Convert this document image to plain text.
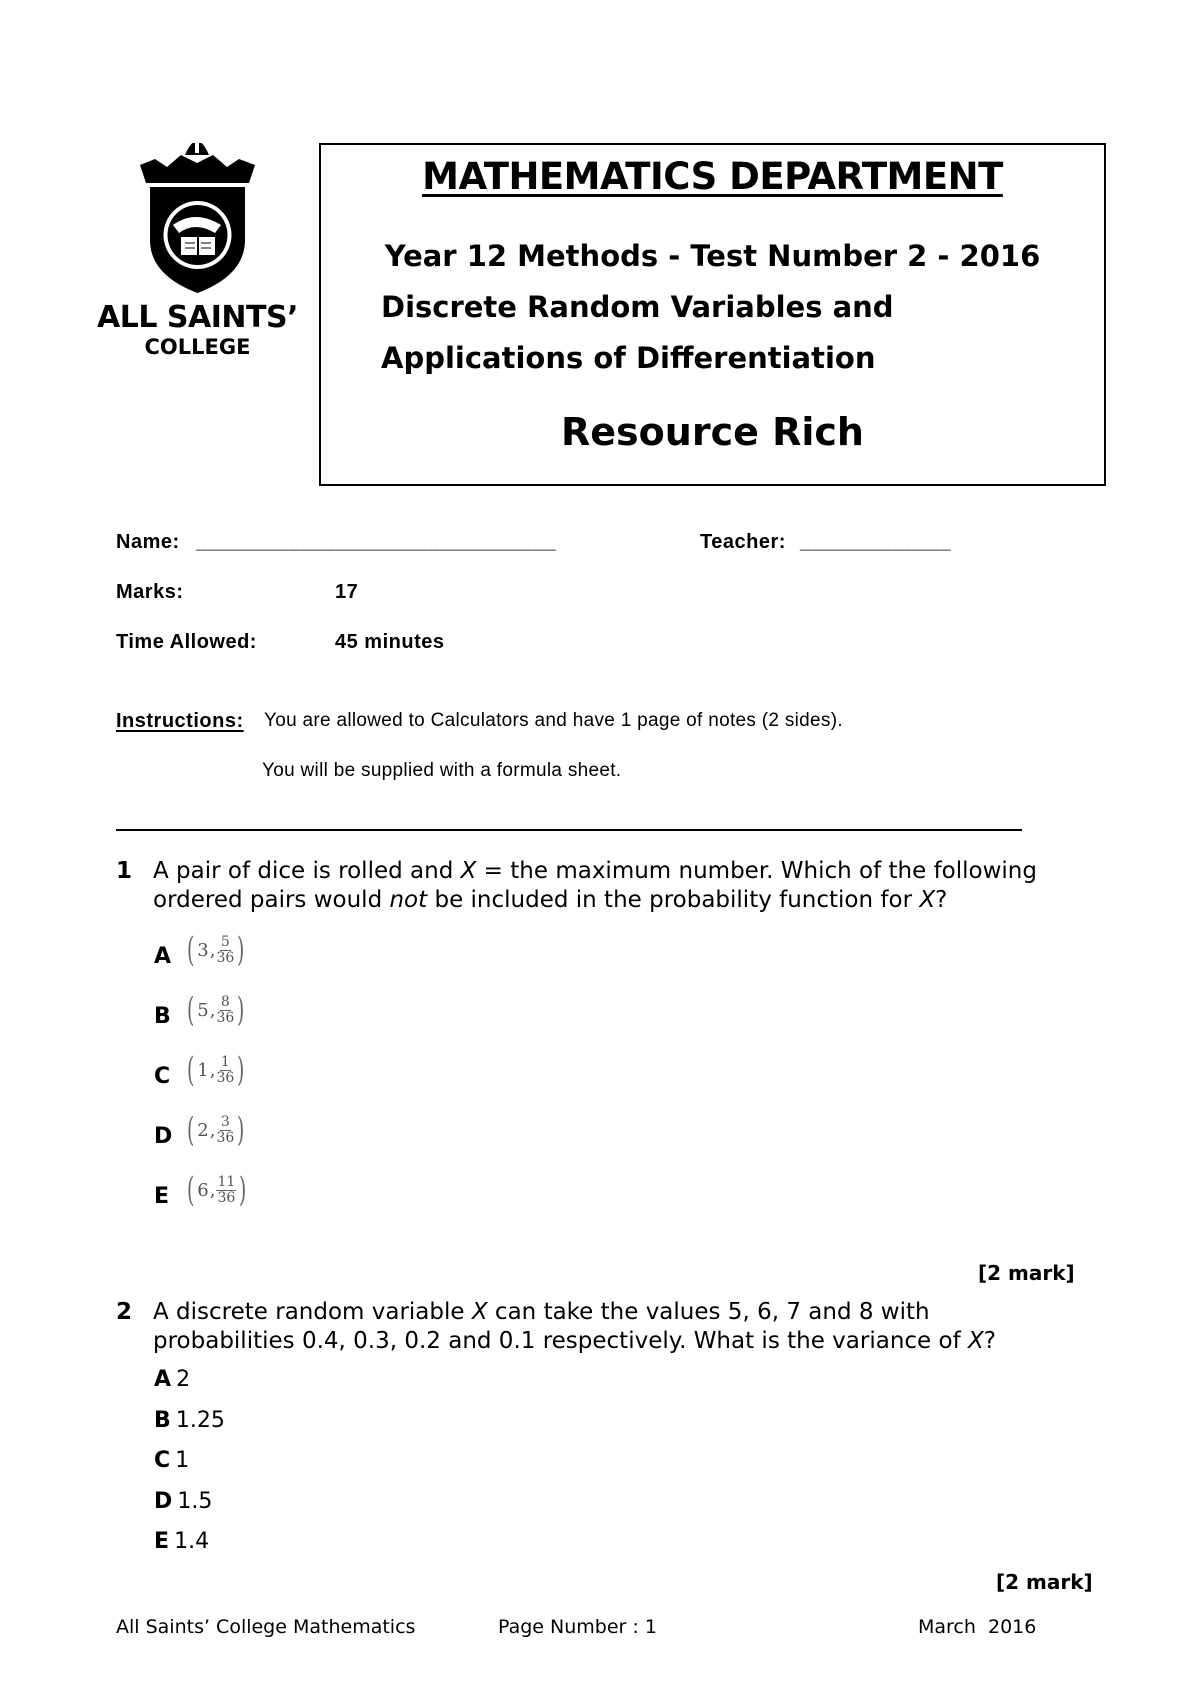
ALL SAINTS’
COLLEGE
MATHEMATICS DEPARTMENT
Year 12 Methods - Test Number 2 - 2016
Discrete Random Variables and
Applications of Differentiation
Resource Rich
Name: _______________________________	Teacher: _____________
Marks:	17
Time Allowed:	45 minutes
Instructions: You are allowed to Calculators and have 1 page of notes (2 sides).
You will be supplied with a formula sheet.
1 A pair of dice is rolled and X = the maximum number. Which of the following
ordered pairs would not be included in the probability function for X?
A ( 3 , $\frac{5}{36}$ )
B ( 5 , $\frac{8}{36}$ )
C ( 1 , $\frac{1}{36}$ )
D ( 2 , $\frac{3}{36}$ )
E ( 6 , $\frac{11}{36}$ )
[2 mark]
2 A discrete random variable X can take the values 5, 6, 7 and 8 with
probabilities 0.4, 0.3, 0.2 and 0.1 respectively. What is the variance of X?
A 2
B 1.25
C 1
D 1.5
E 1.4
[2 mark]
All Saints’ College Mathematics	Page Number : 1	March  2016
